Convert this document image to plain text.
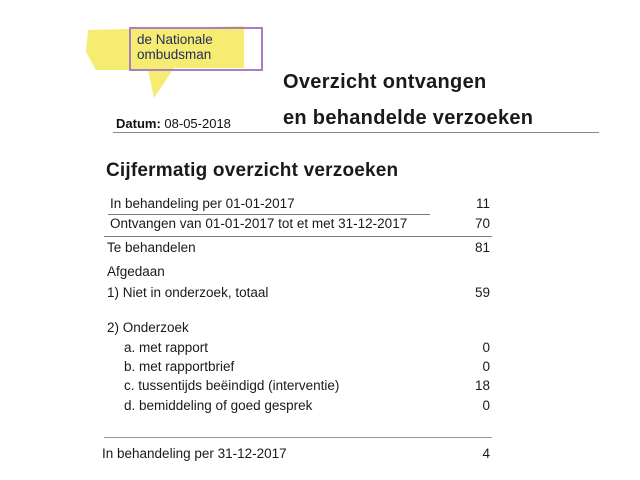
de Nationale
ombudsman
Datum: 08-05-2018
Overzicht ontvangen
en behandelde verzoeken
Cijfermatig overzicht verzoeken
In behandeling per 01-01-2017	11
Ontvangen van 01-01-2017 tot et met 31-12-2017	70
Te behandelen	81
Afgedaan
1) Niet in onderzoek, totaal	59
2) Onderzoek
a. met rapport	0
b. met rapportbrief	0
c. tussentijds beëindigd (interventie)	18
d. bemiddeling of goed gesprek	0
In behandeling per 31-12-2017	4
